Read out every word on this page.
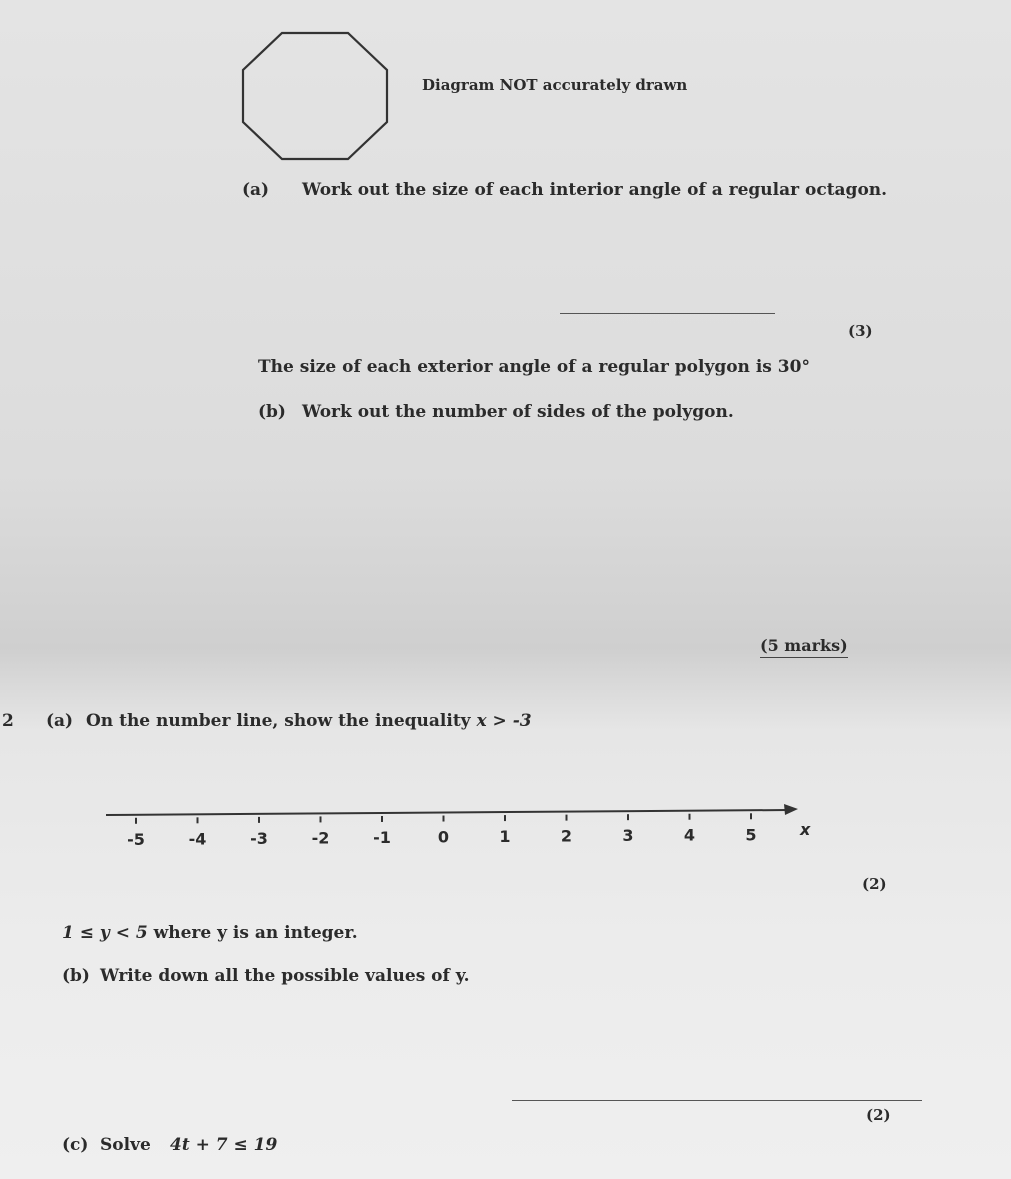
Diagram NOT accurately drawn
(a) Work out the size of each interior angle of a regular octagon.
(3)
The size of each exterior angle of a regular polygon is 30°
(b) Work out the number of sides of the polygon.
(5 marks)
2 (a) On the number line, show the inequality x > -3
-5	-4	-3	-2	-1	0	1	2	3	4	5	x
(2)
1 ≤ y < 5 where y is an integer.
(b) Write down all the possible values of y.
(2)
(c) Solve 4t + 7 ≤ 19
